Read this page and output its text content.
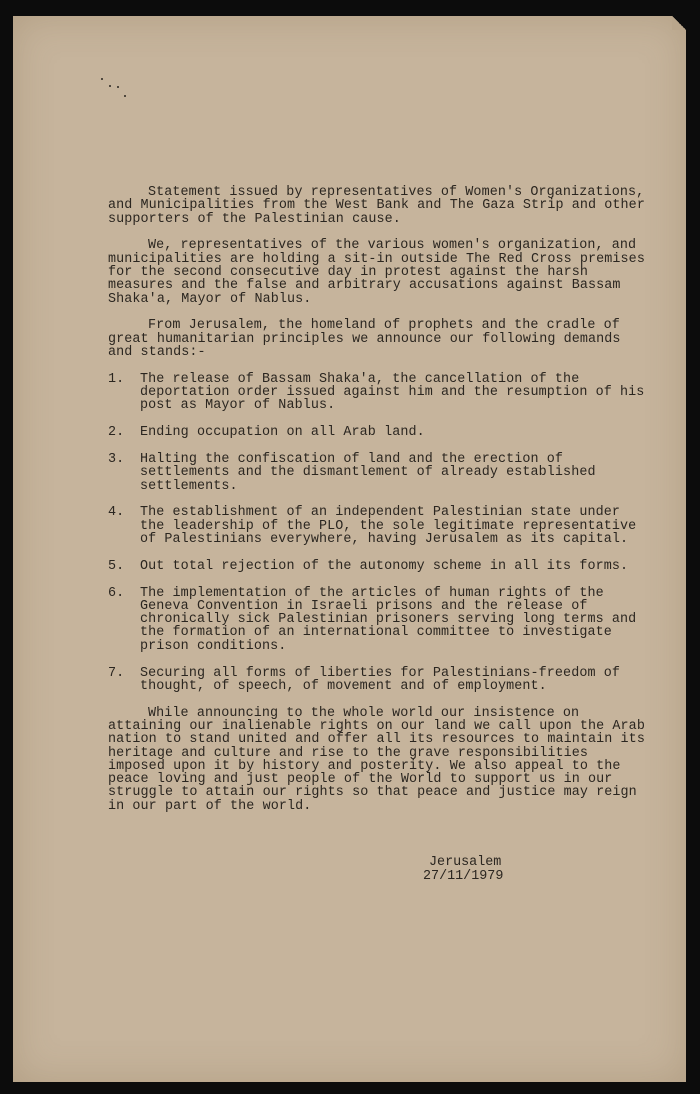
Statement issued by representatives of Women's Organizations, and Municipalities from the West Bank and The Gaza Strip and other supporters of the Palestinian cause.

We, representatives of the various women's organization, and municipalities are holding a sit-in outside The Red Cross premises for the second consecutive day in protest against the harsh measures and the false and arbitrary accusations against Bassam Shaka'a, Mayor of Nablus.

From Jerusalem, the homeland of prophets and the cradle of great humanitarian principles we announce our following demands and stands:-

1.	The release of Bassam Shaka'a, the cancellation of the deportation order issued against him and the resumption of his post as Mayor of Nablus.
2.	Ending occupation on all Arab land.
3.	Halting the confiscation of land and the erection of settlements and the dismantlement of already established settlements.
4.	The establishment of an independent Palestinian state under the leadership of the PLO, the sole legitimate representative of Palestinians everywhere, having Jerusalem as its capital.
5.	Out total rejection of the autonomy scheme in all its forms.
6.	The implementation of the articles of human rights of the Geneva Convention in Israeli prisons and the release of chronically sick Palestinian prisoners serving long terms and the formation of an international committee to investigate prison conditions.
7.	Securing all forms of liberties for Palestinians-freedom of thought, of speech, of movement and of employment.

While announcing to the whole world our insistence on attaining our inalienable rights on our land we call upon the Arab nation to stand united and offer all its resources to maintain its heritage and culture and rise to the grave responsibilities imposed upon it by history and posterity. We also appeal to the peace loving and just people of the World to support us in our struggle to attain our rights so that peace and justice may reign in our part of the world.

Jerusalem
27/11/1979
